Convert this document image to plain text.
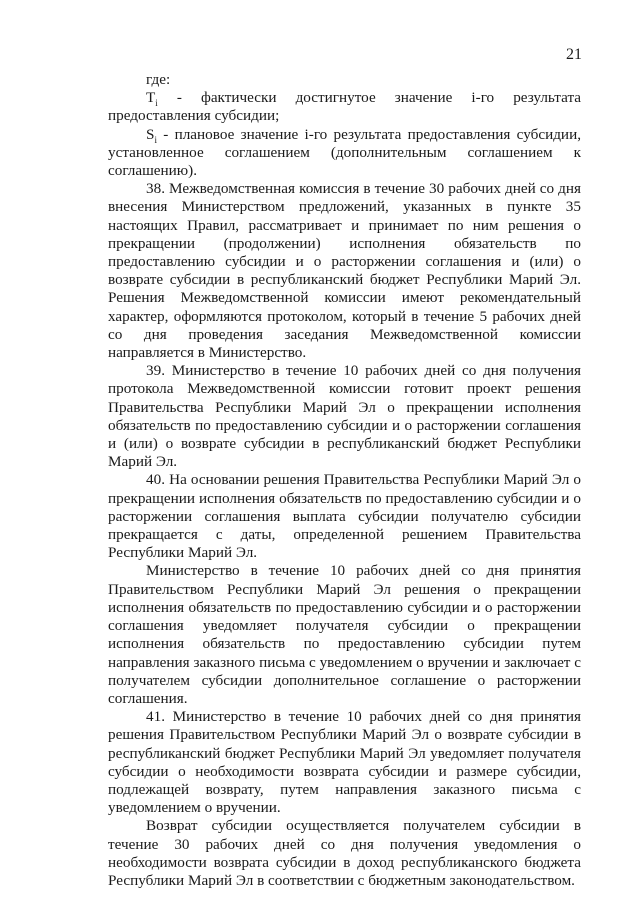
21

где:

$T_i$ - фактически достигнутое значение i-го результата предоставления субсидии;

$S_i$ - плановое значение i-го результата предоставления субсидии, установленное соглашением (дополнительным соглашением к соглашению).

38. Межведомственная комиссия в течение 30 рабочих дней со дня внесения Министерством предложений, указанных в пункте 35 настоящих Правил, рассматривает и принимает по ним решения о прекращении (продолжении) исполнения обязательств по предоставлению субсидии и о расторжении соглашения и (или) о возврате субсидии в республиканский бюджет Республики Марий Эл. Решения Межведомственной комиссии имеют рекомендательный характер, оформляются протоколом, который в течение 5 рабочих дней со дня проведения заседания Межведомственной комиссии направляется в Министерство.

39. Министерство в течение 10 рабочих дней со дня получения протокола Межведомственной комиссии готовит проект решения Правительства Республики Марий Эл о прекращении исполнения обязательств по предоставлению субсидии и о расторжении соглашения и (или) о возврате субсидии в республиканский бюджет Республики Марий Эл.

40. На основании решения Правительства Республики Марий Эл о прекращении исполнения обязательств по предоставлению субсидии и о расторжении соглашения выплата субсидии получателю субсидии прекращается с даты, определенной решением Правительства Республики Марий Эл.

Министерство в течение 10 рабочих дней со дня принятия Правительством Республики Марий Эл решения о прекращении исполнения обязательств по предоставлению субсидии и о расторжении соглашения уведомляет получателя субсидии о прекращении исполнения обязательств по предоставлению субсидии путем направления заказного письма с уведомлением о вручении и заключает с получателем субсидии дополнительное соглашение о расторжении соглашения.

41. Министерство в течение 10 рабочих дней со дня принятия решения Правительством Республики Марий Эл о возврате субсидии в республиканский бюджет Республики Марий Эл уведомляет получателя субсидии о необходимости возврата субсидии и размере субсидии, подлежащей возврату, путем направления заказного письма с уведомлением о вручении.

Возврат субсидии осуществляется получателем субсидии в течение 30 рабочих дней со дня получения уведомления о необходимости возврата субсидии в доход республиканского бюджета Республики Марий Эл в соответствии с бюджетным законодательством.
